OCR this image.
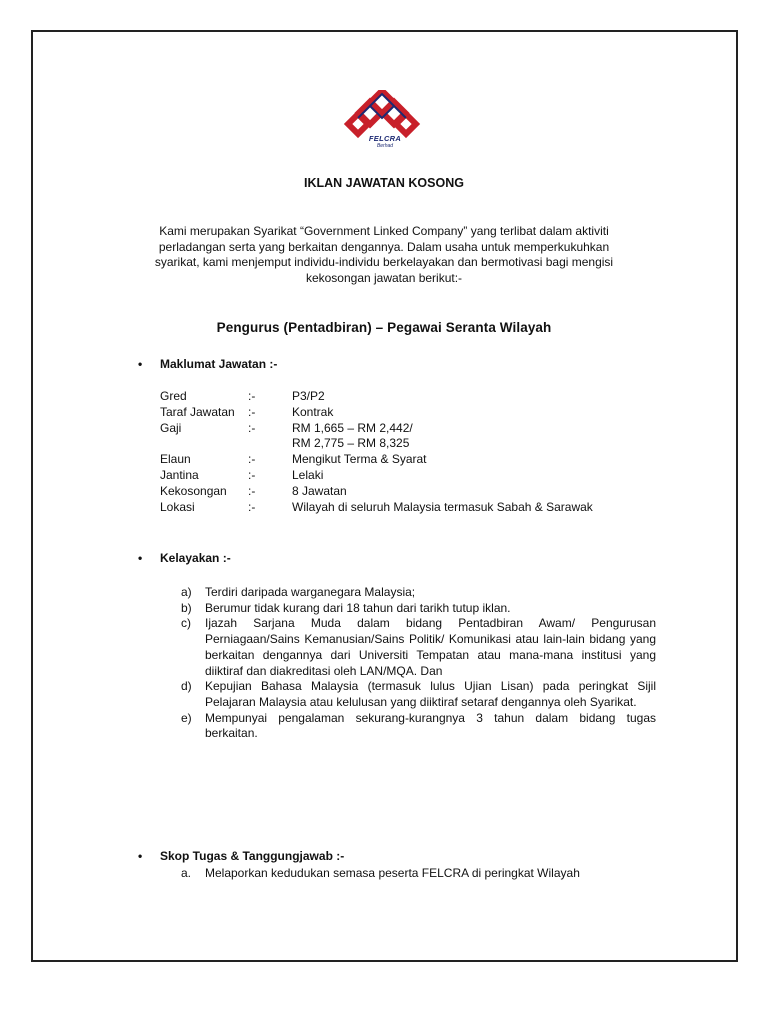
FELCRA
Berhad
IKLAN JAWATAN KOSONG
Kami merupakan Syarikat “Government Linked Company” yang terlibat dalam aktiviti
perladangan serta yang berkaitan dengannya. Dalam usaha untuk memperkukuhkan
syarikat, kami menjemput individu-individu berkelayakan dan bermotivasi bagi mengisi
kekosongan jawatan berikut:-
Pengurus (Pentadbiran) – Pegawai Seranta Wilayah
• Maklumat Jawatan :-
Gred	:-	P3/P2
Taraf Jawatan :-	Kontrak
Gaji	:-	RM 1,665 – RM 2,442/
RM 2,775 – RM 8,325
Elaun	:-	Mengikut Terma & Syarat
Jantina	:-	Lelaki
Kekosongan :-	8 Jawatan
Lokasi	:-	Wilayah di seluruh Malaysia termasuk Sabah & Sarawak
• Kelayakan :-
a) Terdiri daripada warganegara Malaysia;
b) Berumur tidak kurang dari 18 tahun dari tarikh tutup iklan.
c) Ijazah Sarjana Muda dalam bidang Pentadbiran Awam/ Pengurusan Perniagaan/Sains Kemanusian/Sains Politik/ Komunikasi atau lain-lain bidang yang berkaitan dengannya dari Universiti Tempatan atau mana-mana institusi yang diiktiraf dan diakreditasi oleh LAN/MQA. Dan
d) Kepujian Bahasa Malaysia (termasuk lulus Ujian Lisan) pada peringkat Sijil Pelajaran Malaysia atau kelulusan yang diiktiraf setaraf dengannya oleh Syarikat.
e) Mempunyai pengalaman sekurang-kurangnya 3 tahun dalam bidang tugas berkaitan.
• Skop Tugas & Tanggungjawab :-
a. Melaporkan kedudukan semasa peserta FELCRA di peringkat Wilayah
